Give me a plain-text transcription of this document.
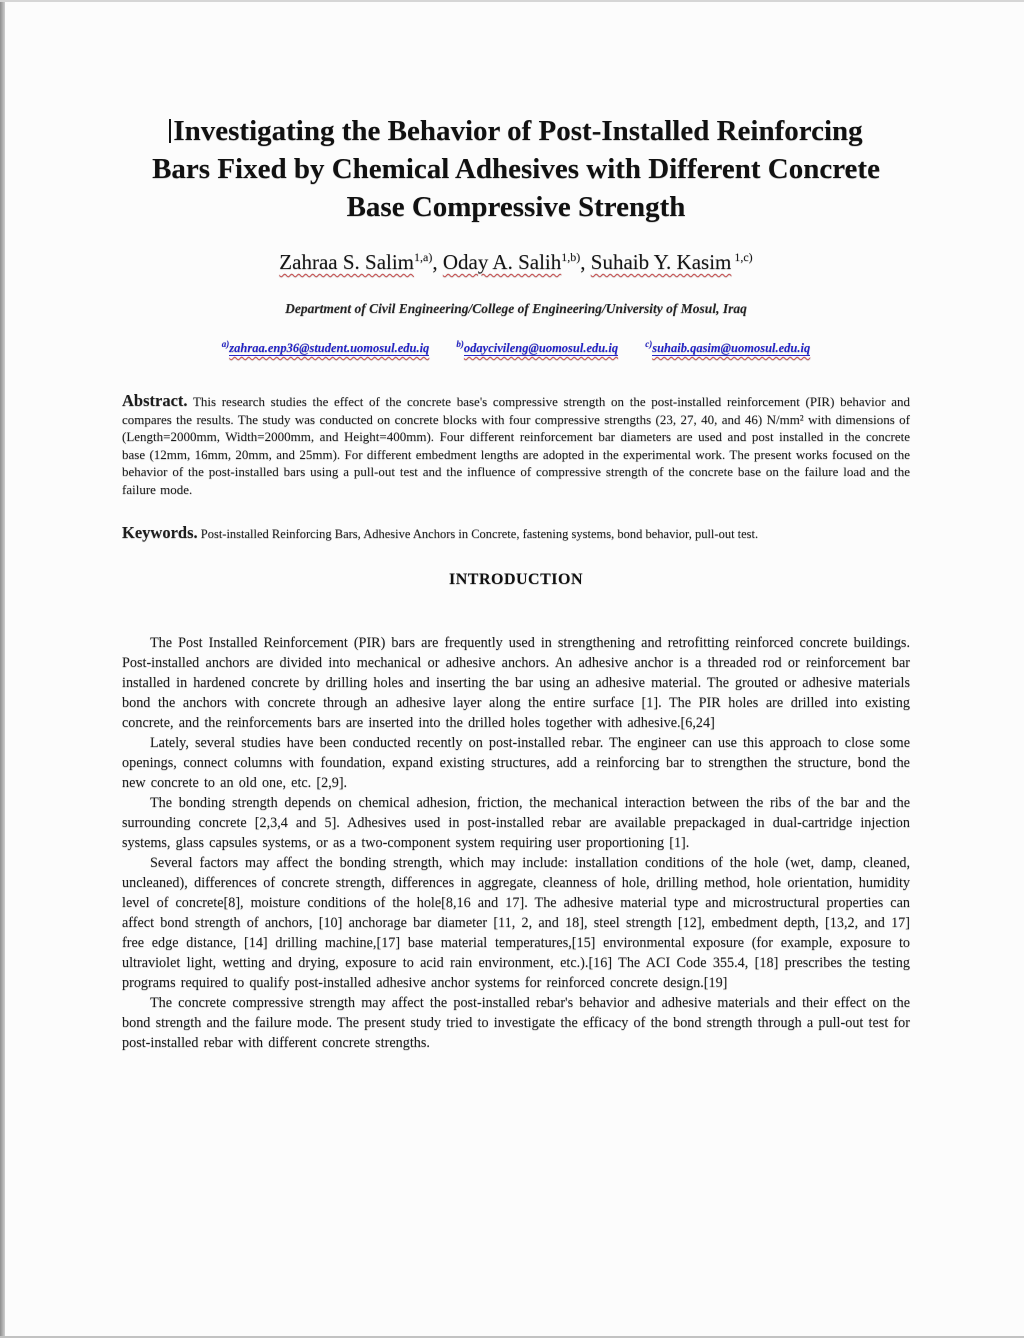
Investigating the Behavior of Post-Installed Reinforcing
Bars Fixed by Chemical Adhesives with Different Concrete
Base Compressive Strength
Zahraa S. Salim$^{1,a)}$, Oday A. Salih$^{1,b)}$, Suhaib Y. Kasim $^{1,c)}$
Department of Civil Engineering/College of Engineering/University of Mosul, Iraq
$^{a)}$zahraa.enp36@student.uomosul.edu.iq	$^{b)}$odaycivileng@uomosul.edu.iq	$^{c)}$suhaib.qasim@uomosul.edu.iq
Abstract. This research studies the effect of the concrete base's compressive strength on the post-installed reinforcement (PIR) behavior and compares the results. The study was conducted on concrete blocks with four compressive strengths (23, 27, 40, and 46) N/mm² with dimensions of (Length=2000mm, Width=2000mm, and Height=400mm). Four different reinforcement bar diameters are used and post installed in the concrete base (12mm, 16mm, 20mm, and 25mm). For different embedment lengths are adopted in the experimental work. The present works focused on the behavior of the post-installed bars using a pull-out test and the influence of compressive strength of the concrete base on the failure load and the failure mode.
Keywords. Post-installed Reinforcing Bars, Adhesive Anchors in Concrete, fastening systems, bond behavior, pull-out test.
INTRODUCTION

The Post Installed Reinforcement (PIR) bars are frequently used in strengthening and retrofitting reinforced concrete buildings. Post-installed anchors are divided into mechanical or adhesive anchors. An adhesive anchor is a threaded rod or reinforcement bar installed in hardened concrete by drilling holes and inserting the bar using an adhesive material. The grouted or adhesive materials bond the anchors with concrete through an adhesive layer along the entire surface [1]. The PIR holes are drilled into existing concrete, and the reinforcements bars are inserted into the drilled holes together with adhesive.[6,24]

Lately, several studies have been conducted recently on post-installed rebar. The engineer can use this approach to close some openings, connect columns with foundation, expand existing structures, add a reinforcing bar to strengthen the structure, bond the new concrete to an old one, etc. [2,9].

The bonding strength depends on chemical adhesion, friction, the mechanical interaction between the ribs of the bar and the surrounding concrete [2,3,4 and 5]. Adhesives used in post-installed rebar are available prepackaged in dual-cartridge injection systems, glass capsules systems, or as a two-component system requiring user proportioning [1].

Several factors may affect the bonding strength, which may include: installation conditions of the hole (wet, damp, cleaned, uncleaned), differences of concrete strength, differences in aggregate, cleanness of hole, drilling method, hole orientation, humidity level of concrete[8], moisture conditions of the hole[8,16 and 17]. The adhesive material type and microstructural properties can affect bond strength of anchors, [10] anchorage bar diameter [11, 2, and 18], steel strength [12], embedment depth, [13,2, and 17] free edge distance, [14] drilling machine,[17] base material temperatures,[15] environmental exposure (for example, exposure to ultraviolet light, wetting and drying, exposure to acid rain environment, etc.).[16] The ACI Code 355.4, [18] prescribes the testing programs required to qualify post-installed adhesive anchor systems for reinforced concrete design.[19]

The concrete compressive strength may affect the post-installed rebar's behavior and adhesive materials and their effect on the bond strength and the failure mode. The present study tried to investigate the efficacy of the bond strength through a pull-out test for post-installed rebar with different concrete strengths.
